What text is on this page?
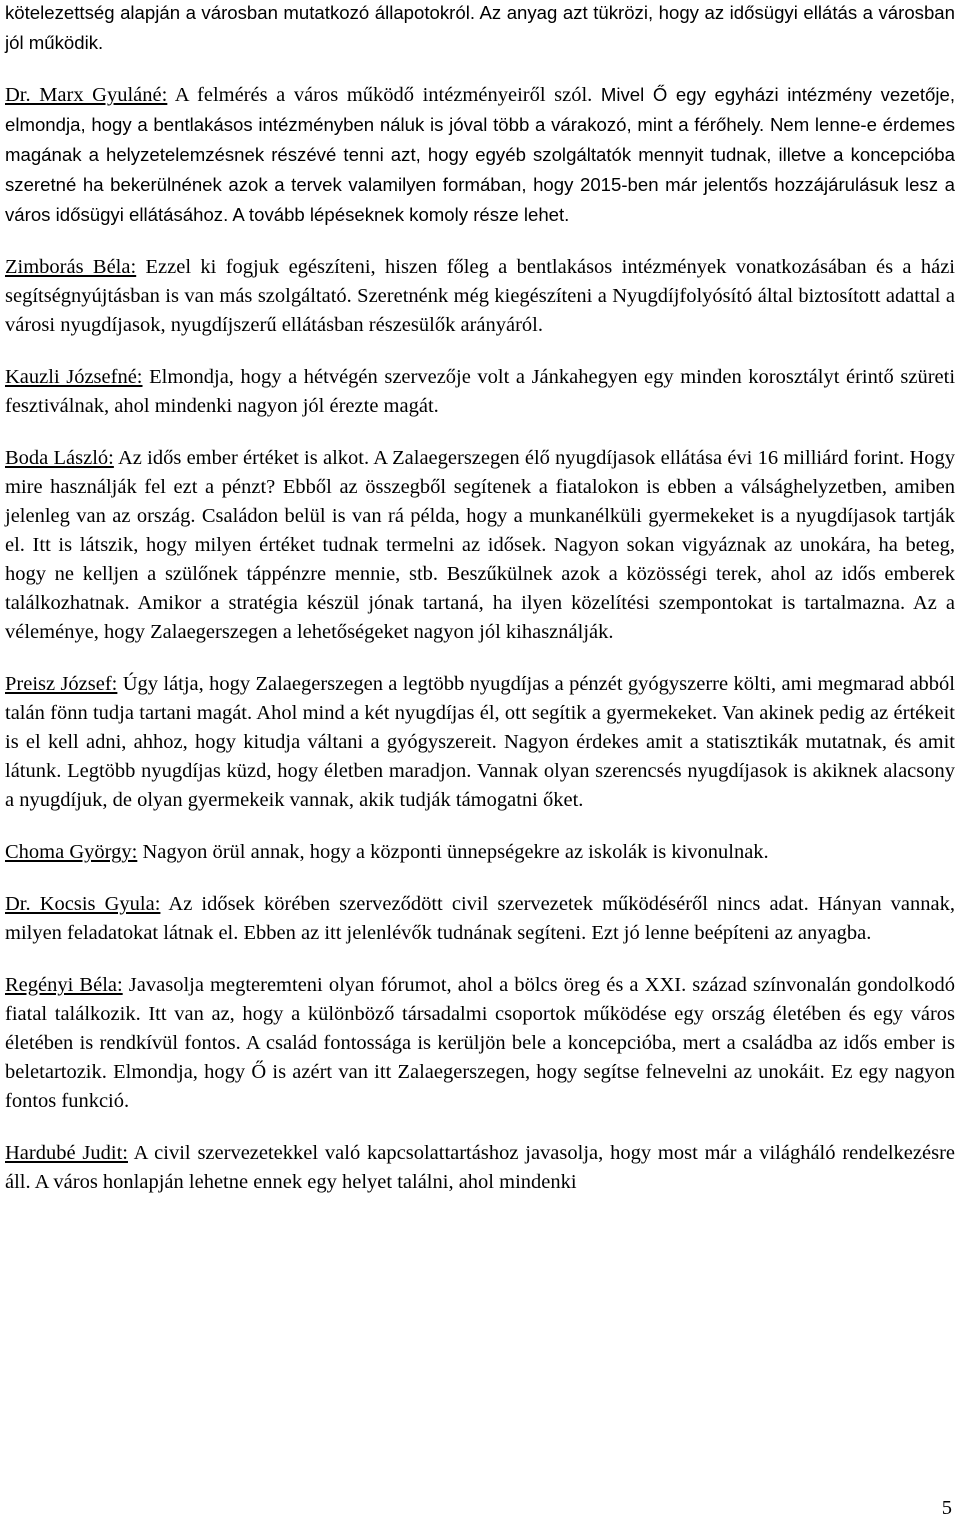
kötelezettség alapján a városban mutatkozó állapotokról. Az anyag azt tükrözi, hogy az idősügyi ellátás a városban jól működik.

Dr. Marx Gyuláné: A felmérés a város működő intézményeiről szól. Mivel Ő egy egyházi intézmény vezetője, elmondja, hogy a bentlakásos intézményben náluk is jóval több a várakozó, mint a férőhely. Nem lenne-e érdemes magának a helyzetelemzésnek részévé tenni azt, hogy egyéb szolgáltatók mennyit tudnak, illetve a koncepcióba szeretné ha bekerülnének azok a tervek valamilyen formában, hogy 2015-ben már jelentős hozzájárulásuk lesz a város idősügyi ellátásához. A tovább lépéseknek komoly része lehet.

Zimborás Béla: Ezzel ki fogjuk egészíteni, hiszen főleg a bentlakásos intézmények vonatkozásában és a házi segítségnyújtásban is van más szolgáltató. Szeretnénk még kiegészíteni a Nyugdíjfolyósító által biztosított adattal a városi nyugdíjasok, nyugdíjszerű ellátásban részesülők arányáról.

Kauzli Józsefné: Elmondja, hogy a hétvégén szervezője volt a Jánkahegyen egy minden korosztályt érintő szüreti fesztiválnak, ahol mindenki nagyon jól érezte magát.

Boda László: Az idős ember értéket is alkot. A Zalaegerszegen élő nyugdíjasok ellátása évi 16 milliárd forint. Hogy mire használják fel ezt a pénzt? Ebből az összegből segítenek a fiatalokon is ebben a válsághelyzetben, amiben jelenleg van az ország. Családon belül is van rá példa, hogy a munkanélküli gyermekeket is a nyugdíjasok tartják el. Itt is látszik, hogy milyen értéket tudnak termelni az idősek. Nagyon sokan vigyáznak az unokára, ha beteg, hogy ne kelljen a szülőnek táppénzre mennie, stb. Beszűkülnek azok a közösségi terek, ahol az idős emberek találkozhatnak. Amikor a stratégia készül jónak tartaná, ha ilyen közelítési szempontokat is tartalmazna. Az a véleménye, hogy Zalaegerszegen a lehetőségeket nagyon jól kihasználják.

Preisz József: Úgy látja, hogy Zalaegerszegen a legtöbb nyugdíjas a pénzét gyógyszerre költi, ami megmarad abból talán fönn tudja tartani magát. Ahol mind a két nyugdíjas él, ott segítik a gyermekeket. Van akinek pedig az értékeit is el kell adni, ahhoz, hogy kitudja váltani a gyógyszereit. Nagyon érdekes amit a statisztikák mutatnak, és amit látunk. Legtöbb nyugdíjas küzd, hogy életben maradjon. Vannak olyan szerencsés nyugdíjasok is akiknek alacsony a nyugdíjuk, de olyan gyermekeik vannak, akik tudják támogatni őket.

Choma György: Nagyon örül annak, hogy a központi ünnepségekre az iskolák is kivonulnak.

Dr. Kocsis Gyula: Az idősek körében szerveződött civil szervezetek működéséről nincs adat. Hányan vannak, milyen feladatokat látnak el. Ebben az itt jelenlévők tudnának segíteni. Ezt jó lenne beépíteni az anyagba.

Regényi Béla: Javasolja megteremteni olyan fórumot, ahol a bölcs öreg és a XXI. század színvonalán gondolkodó fiatal találkozik. Itt van az, hogy a különböző társadalmi csoportok működése egy ország életében és egy város életében is rendkívül fontos. A család fontossága is kerüljön bele a koncepcióba, mert a családba az idős ember is beletartozik. Elmondja, hogy Ő is azért van itt Zalaegerszegen, hogy segítse felnevelni az unokáit. Ez egy nagyon fontos funkció.

Hardubé Judit: A civil szervezetekkel való kapcsolattartáshoz javasolja, hogy most már a világháló rendelkezésre áll. A város honlapján lehetne ennek egy helyet találni, ahol mindenki

5
